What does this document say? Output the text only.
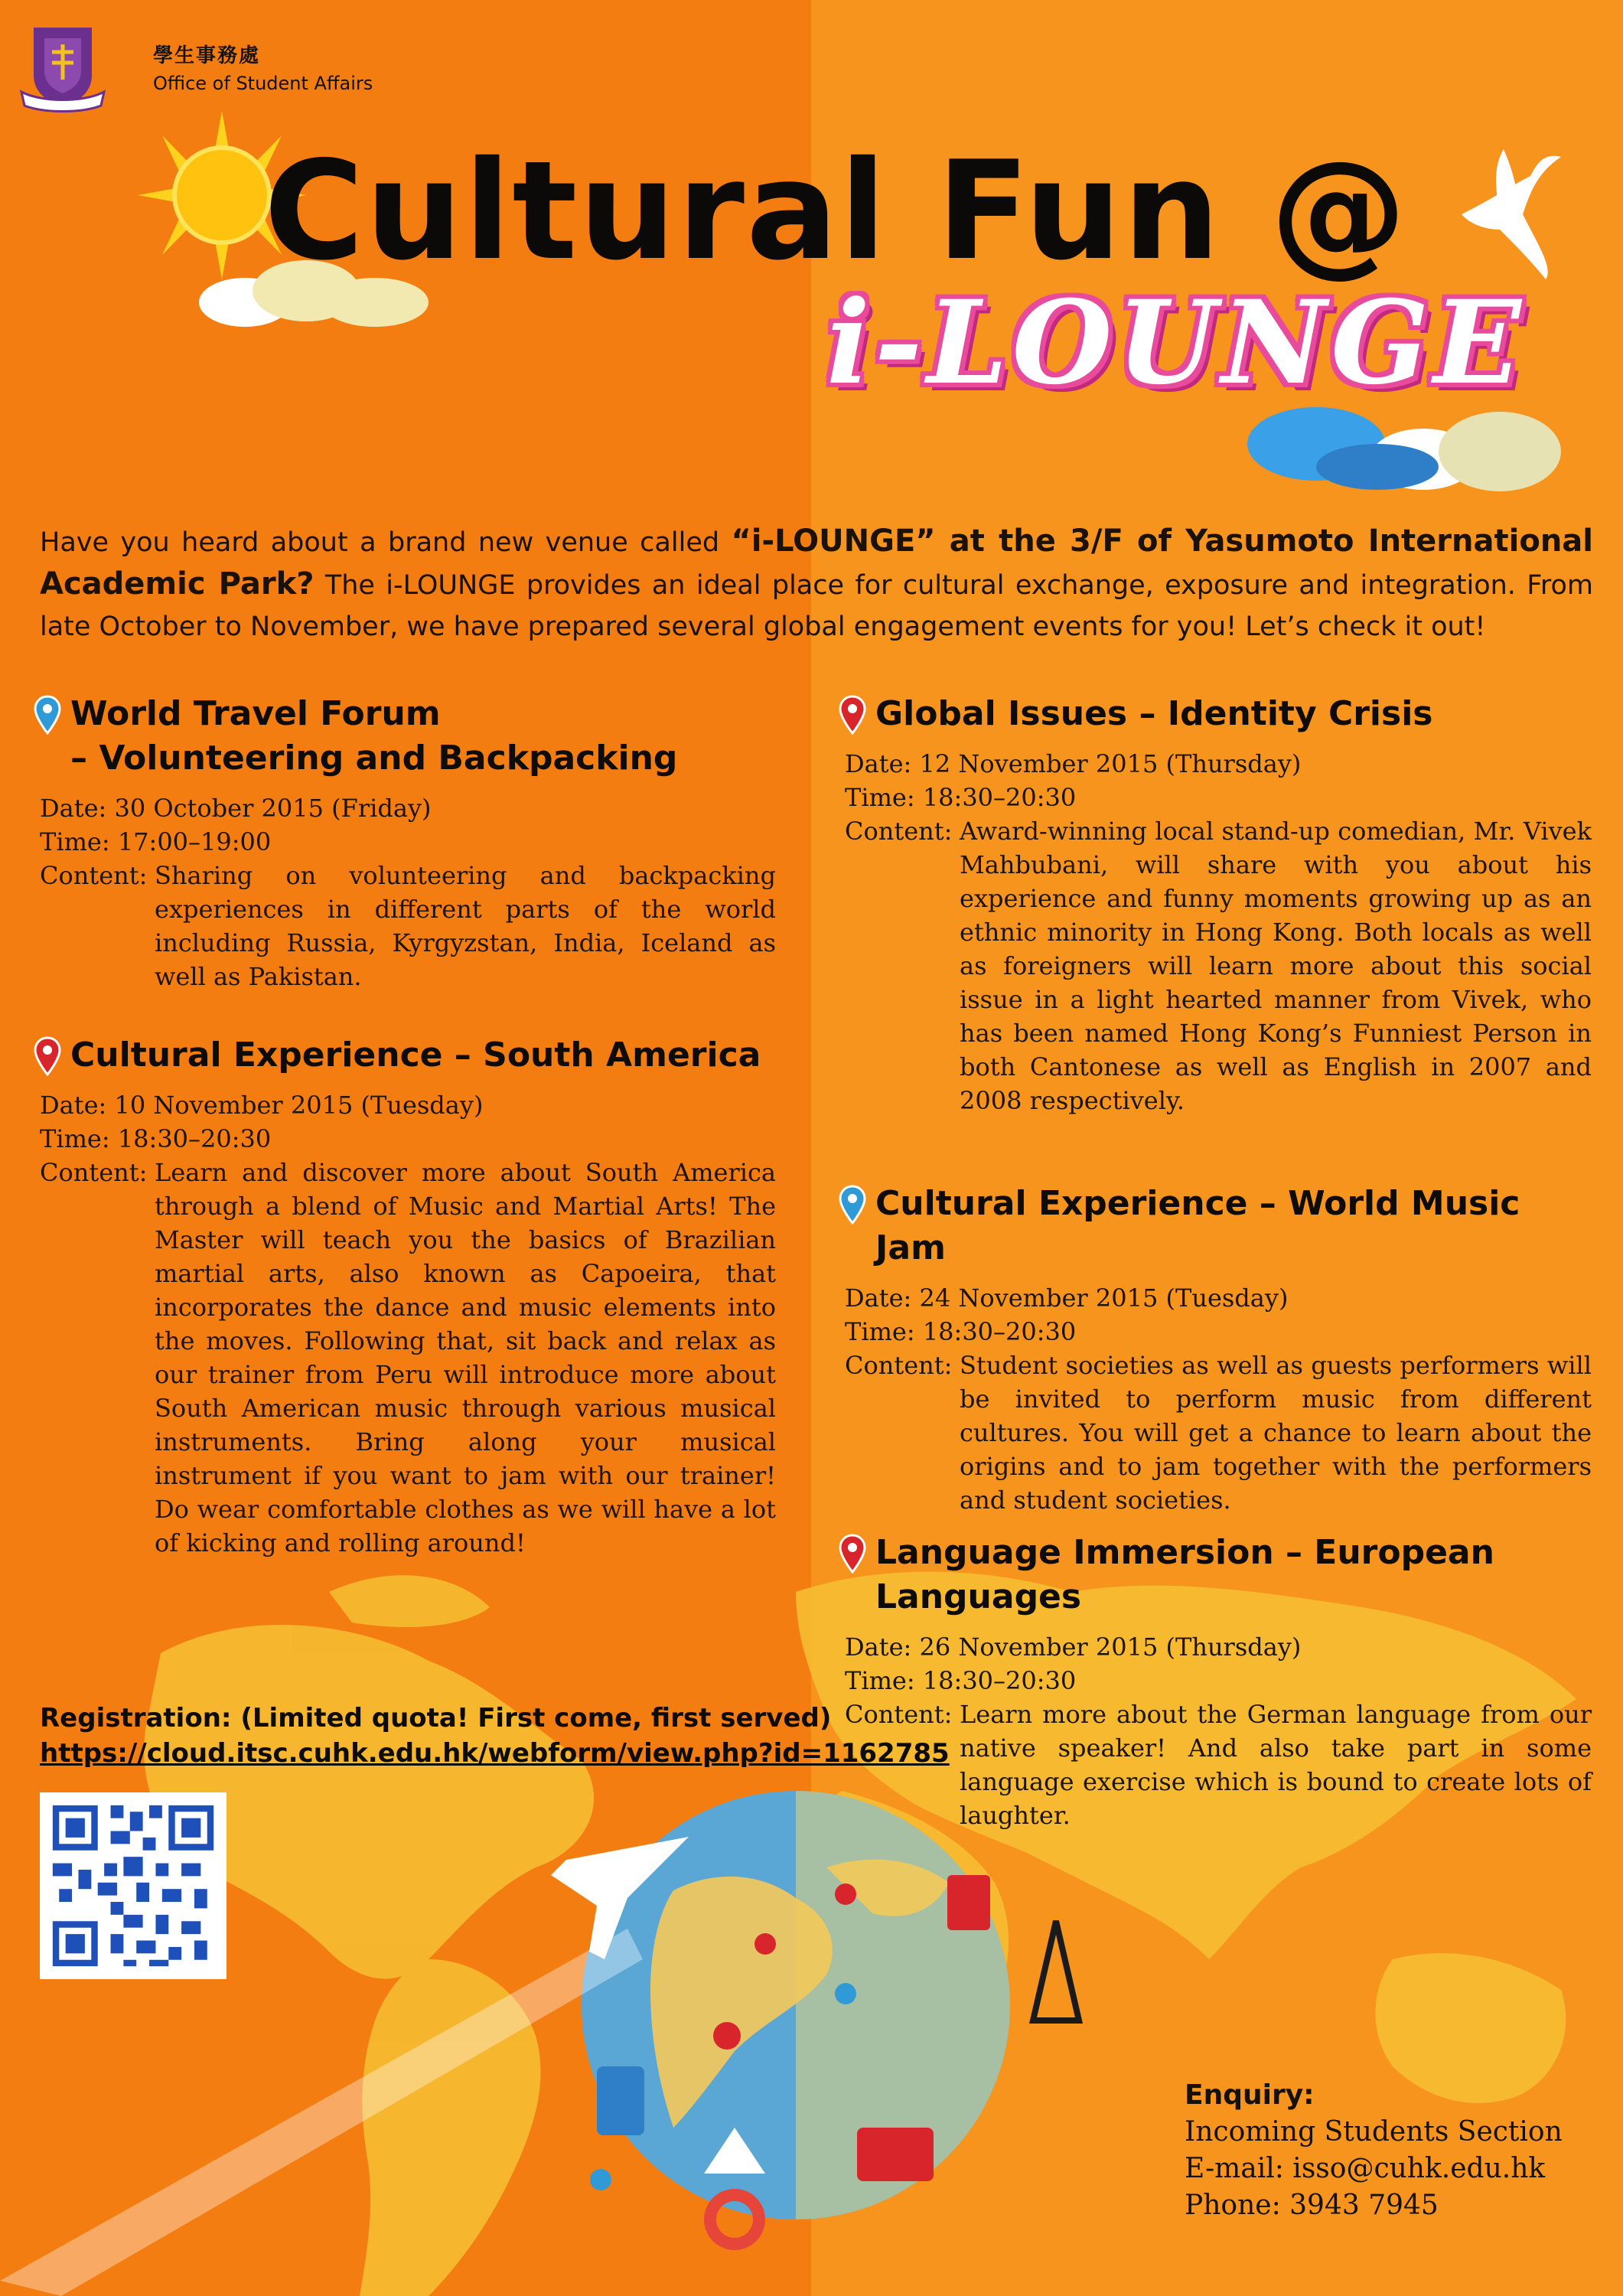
學生事務處
Office of Student Affairs
Cultural Fun @
i-LOUNGE
Have you heard about a brand new venue called “i-LOUNGE” at the 3/F of Yasumoto International Academic Park? The i-LOUNGE provides an ideal place for cultural exchange, exposure and integration. From late October to November, we have prepared several global engagement events for you! Let’s check it out!
World Travel Forum
– Volunteering and Backpacking
Date: 30 October 2015 (Friday)
Time: 17:00–19:00
Content: Sharing on volunteering and backpacking experiences in different parts of the world including Russia, Kyrgyzstan, India, Iceland as well as Pakistan.
Cultural Experience – South America
Date: 10 November 2015 (Tuesday)
Time: 18:30–20:30
Content: Learn and discover more about South America through a blend of Music and Martial Arts! The Master will teach you the basics of Brazilian martial arts, also known as Capoeira, that incorporates the dance and music elements into the moves. Following that, sit back and relax as our trainer from Peru will introduce more about South American music through various musical instruments. Bring along your musical instrument if you want to jam with our trainer! Do wear comfortable clothes as we will have a lot of kicking and rolling around!
Global Issues – Identity Crisis
Date: 12 November 2015 (Thursday)
Time: 18:30–20:30
Content: Award-winning local stand-up comedian, Mr. Vivek Mahbubani, will share with you about his experience and funny moments growing up as an ethnic minority in Hong Kong. Both locals as well as foreigners will learn more about this social issue in a light hearted manner from Vivek, who has been named Hong Kong’s Funniest Person in both Cantonese as well as English in 2007 and 2008 respectively.
Cultural Experience – World Music Jam
Date: 24 November 2015 (Tuesday)
Time: 18:30–20:30
Content: Student societies as well as guests performers will be invited to perform music from different cultures. You will get a chance to learn about the origins and to jam together with the performers and student societies.
Language Immersion – European Languages
Date: 26 November 2015 (Thursday)
Time: 18:30–20:30
Content: Learn more about the German language from our native speaker! And also take part in some language exercise which is bound to create lots of laughter.
Registration: (Limited quota! First come, first served)
https://cloud.itsc.cuhk.edu.hk/webform/view.php?id=1162785
Enquiry:
Incoming Students Section
E-mail: isso@cuhk.edu.hk
Phone: 3943 7945
